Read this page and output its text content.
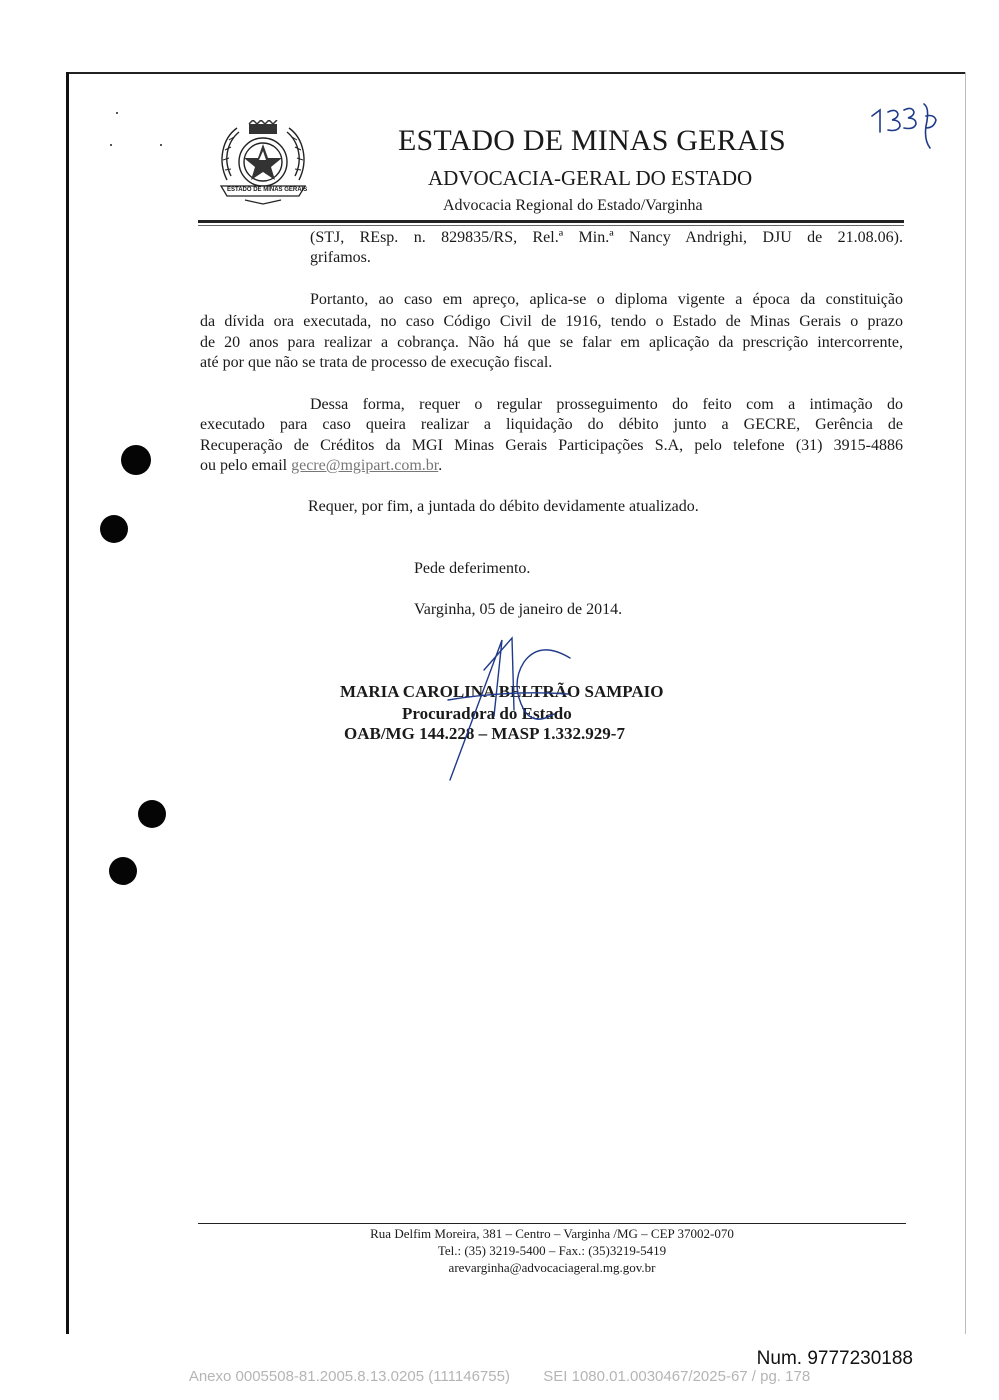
ESTADO DE MINAS GERAIS
ESTADO DE MINAS GERAIS
ADVOCACIA-GERAL DO ESTADO
Advocacia Regional do Estado/Varginha
(STJ, REsp. n. 829835/RS, Rel.ª Min.ª Nancy Andrighi, DJU de 21.08.06).
grifamos.
Portanto, ao caso em apreço, aplica-se o diploma vigente a época da constituição
da dívida ora executada, no caso Código Civil de 1916, tendo o Estado de Minas Gerais o prazo
de 20 anos para realizar a cobrança. Não há que se falar em aplicação da prescrição intercorrente,
até por que não se trata de processo de execução fiscal.
Dessa forma, requer o regular prosseguimento do feito com a intimação do
executado para caso queira realizar a liquidação do débito junto a GECRE, Gerência de
Recuperação de Créditos da MGI Minas Gerais Participações S.A, pelo telefone (31) 3915-4886
ou pelo email gecre@mgipart.com.br.
Requer, por fim, a juntada do débito devidamente atualizado.
Pede deferimento.
Varginha, 05 de janeiro de 2014.
MARIA CAROLINA BELTRÃO SAMPAIO
Procuradora do Estado
OAB/MG 144.228 – MASP 1.332.929-7
Rua Delfim Moreira, 381 – Centro – Varginha /MG – CEP 37002-070
Tel.: (35) 3219-5400 – Fax.: (35)3219-5419
arevarginha@advocaciageral.mg.gov.br
Num. 9777230188
Anexo 0005508-81.2005.8.13.0205 (111146755)        SEI 1080.01.0030467/2025-67 / pg. 178
